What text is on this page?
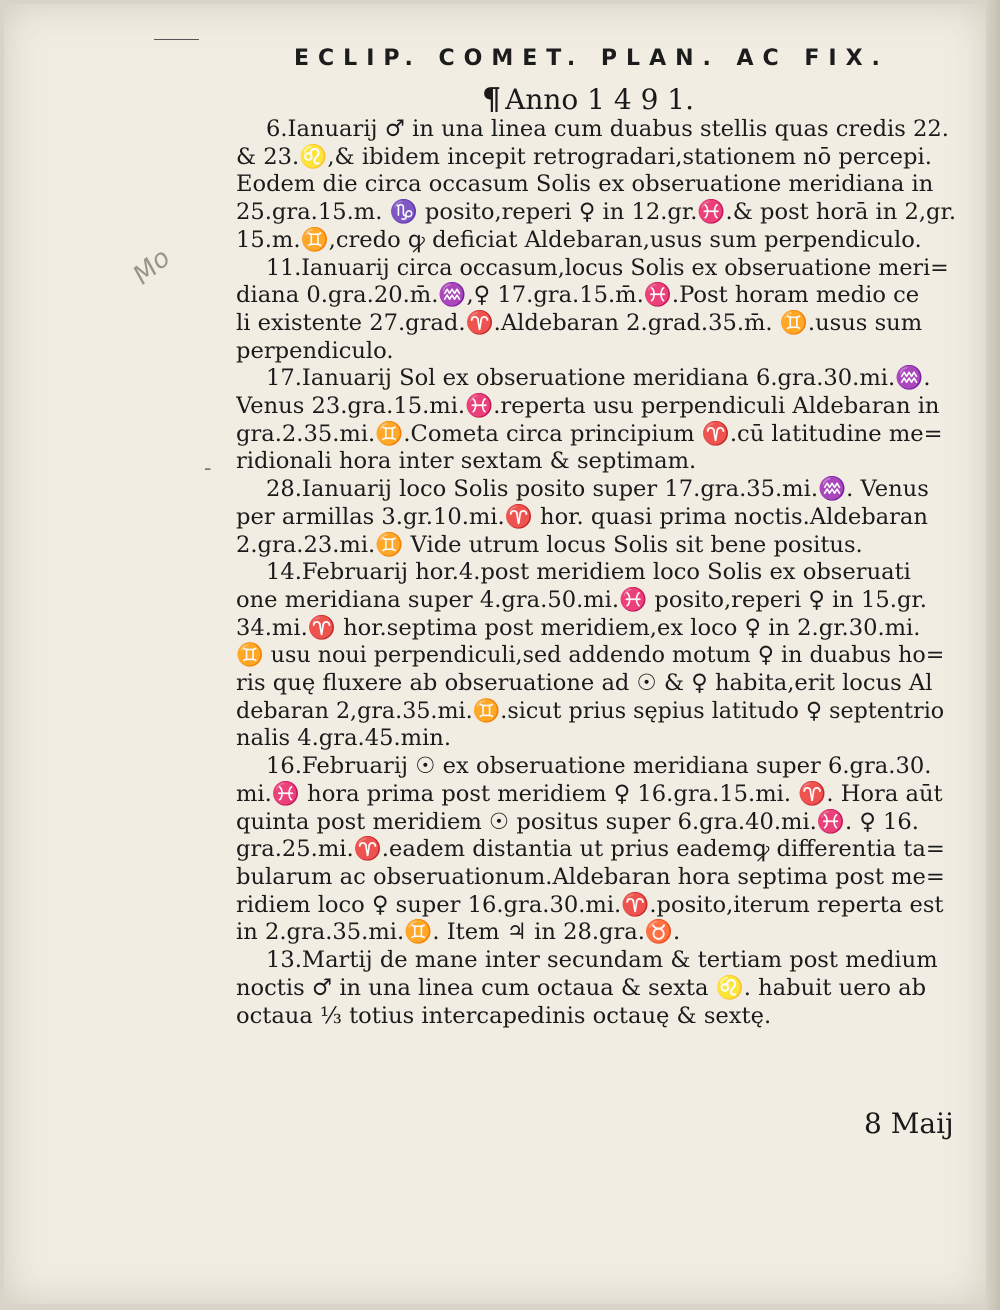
ECLIP. COMET. PLAN. AC FIX.
¶ Anno 1 4 9 1.
Mo
-
6.Ianuarij ♂ in una linea cum duabus stellis quas credis 22.
& 23.♌,& ibidem incepit retrogradari,stationem nō percepi.
Eodem die circa occasum Solis ex obseruatione meridiana in
25.gra.15.m. ♑ posito,reperi ♀ in 12.gr.♓.& post horā in 2,gr.
15.m.♊,credo ꝙ deficiat Aldebaran,usus sum perpendiculo.
11.Ianuarij circa occasum,locus Solis ex obseruatione meri=
diana 0.gra.20.m̄.♒,♀ 17.gra.15.m̄.♓.Post horam medio ce
li existente 27.grad.♈.Aldebaran 2.grad.35.m̄. ♊.usus sum
perpendiculo.
17.Ianuarij Sol ex obseruatione meridiana 6.gra.30.mi.♒.
Venus 23.gra.15.mi.♓.reperta usu perpendiculi Aldebaran in
gra.2.35.mi.♊.Cometa circa principium ♈.cū latitudine me=
ridionali hora inter sextam & septimam.
28.Ianuarij loco Solis posito super 17.gra.35.mi.♒. Venus
per armillas 3.gr.10.mi.♈ hor. quasi prima noctis.Aldebaran
2.gra.23.mi.♊ Vide utrum locus Solis sit bene positus.
14.Februarij hor.4.post meridiem loco Solis ex obseruati
one meridiana super 4.gra.50.mi.♓ posito,reperi ♀ in 15.gr.
34.mi.♈ hor.septima post meridiem,ex loco ♀ in 2.gr.30.mi.
♊ usu noui perpendiculi,sed addendo motum ♀ in duabus ho=
ris quę fluxere ab obseruatione ad ☉ & ♀ habita,erit locus Al
debaran 2,gra.35.mi.♊.sicut prius sępius latitudo ♀ septentrio
nalis 4.gra.45.min.
16.Februarij ☉ ex obseruatione meridiana super 6.gra.30.
mi.♓ hora prima post meridiem ♀ 16.gra.15.mi. ♈. Hora aūt
quinta post meridiem ☉ positus super 6.gra.40.mi.♓. ♀ 16.
gra.25.mi.♈.eadem distantia ut prius eademꝙ differentia ta=
bularum ac obseruationum.Aldebaran hora septima post me=
ridiem loco ♀ super 16.gra.30.mi.♈.posito,iterum reperta est
in 2.gra.35.mi.♊. Item ♃ in 28.gra.♉.
13.Martij de mane inter secundam & tertiam post medium
noctis ♂ in una linea cum octaua & sexta ♌. habuit uero ab
octaua ⅓ totius intercapedinis octauę & sextę.
8 Maij
